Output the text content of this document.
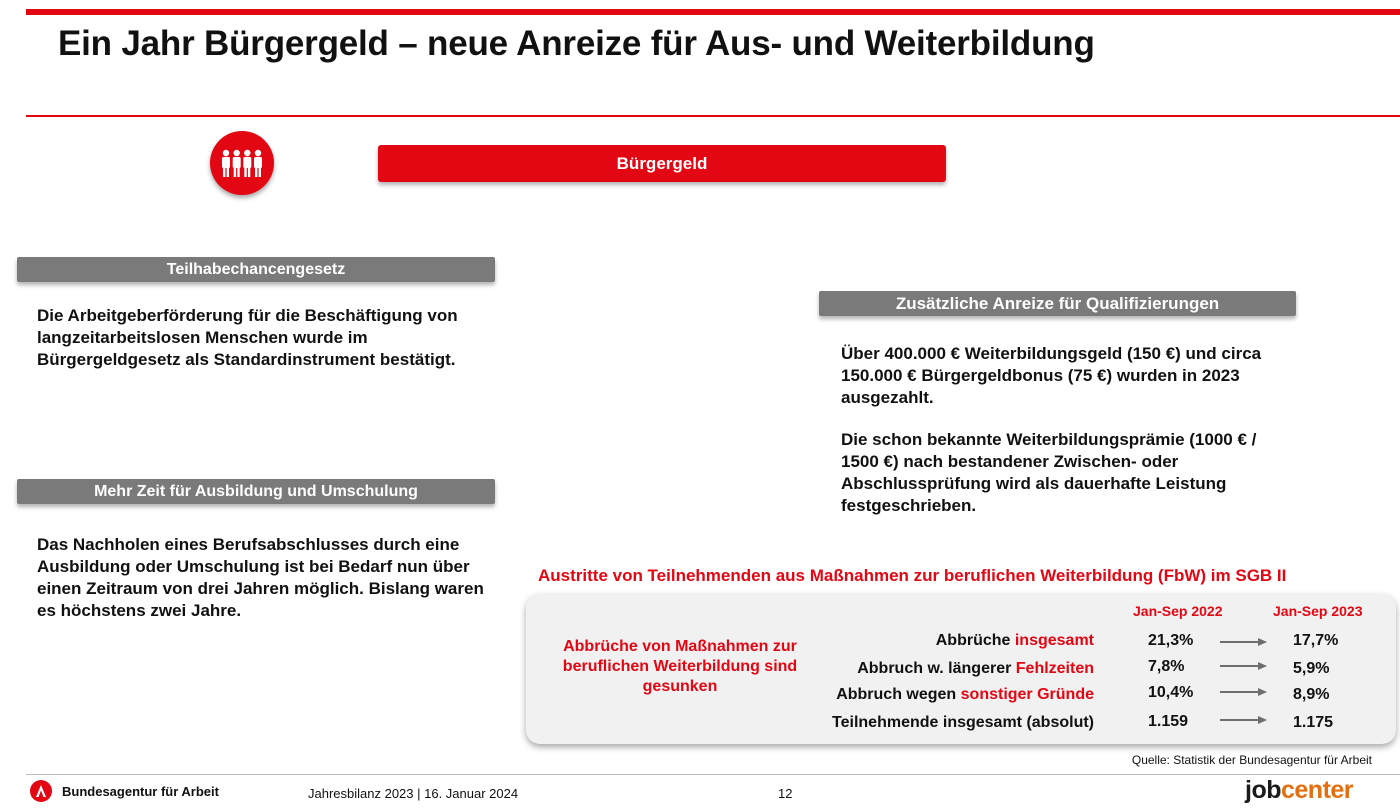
Ein Jahr Bürgergeld – neue Anreize für Aus- und Weiterbildung
Bürgergeld
Teilhabechancengesetz

Die Arbeitgeberförderung für die Beschäftigung von langzeitarbeitslosen Menschen wurde im Bürgergeldgesetz als Standardinstrument bestätigt.

Mehr Zeit für Ausbildung und Umschulung

Das Nachholen eines Berufsabschlusses durch eine Ausbildung oder Umschulung ist bei Bedarf nun über einen Zeitraum von drei Jahren möglich. Bislang waren es höchstens zwei Jahre.

Zusätzliche Anreize für Qualifizierungen

Über 400.000 € Weiterbildungsgeld (150 €) und circa 150.000 € Bürgergeldbonus (75 €) wurden in 2023 ausgezahlt.

Die schon bekannte Weiterbildungsprämie (1000 € / 1500 €) nach bestandener Zwischen- oder Abschlussprüfung wird als dauerhafte Leistung festgeschrieben.

Austritte von Teilnehmenden aus Maßnahmen zur beruflichen Weiterbildung (FbW) im SGB II
Abbrüche von Maßnahmen zur beruflichen Weiterbildung sind gesunken
Jan-Sep 2022	Jan-Sep 2023
Abbrüche insgesamt	21,3%	17,7%
Abbruch w. längerer Fehlzeiten	7,8%	5,9%
Abbruch wegen sonstiger Gründe	10,4%	8,9%
Teilnehmende insgesamt (absolut)	1.159	1.175
Quelle: Statistik der Bundesagentur für Arbeit
Bundesagentur für Arbeit	Jahresbilanz 2023 | 16. Januar 2024	12	jobcenter
